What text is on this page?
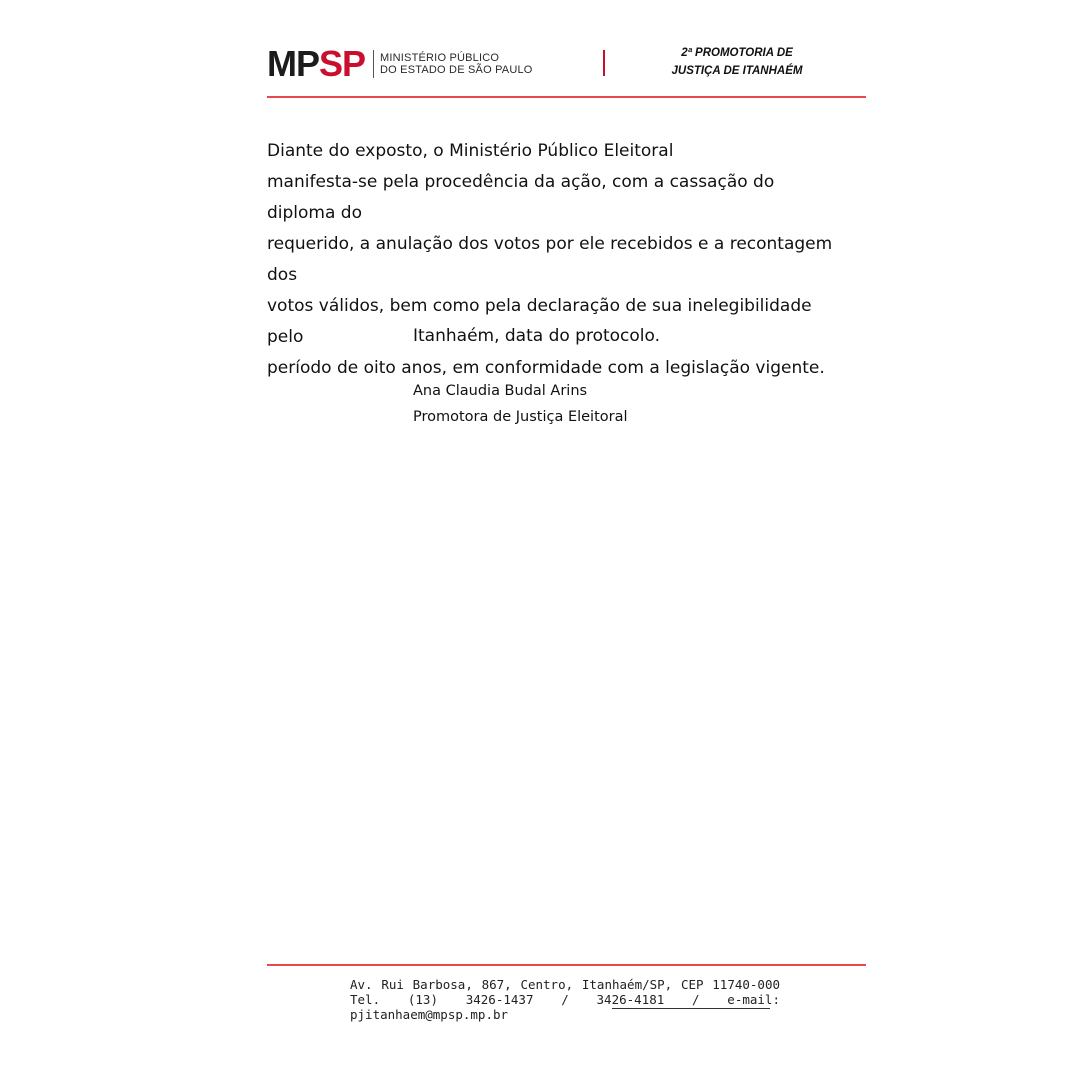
MPSP MINISTÉRIO PÚBLICO
DO ESTADO DE SÃO PAULO
2ª PROMOTORIA DE
JUSTIÇA DE ITANHAÉM

Diante do exposto, o Ministério Público Eleitoral

manifesta-se pela procedência da ação, com a cassação do diploma do

requerido, a anulação dos votos por ele recebidos e a recontagem dos

votos válidos, bem como pela declaração de sua inelegibilidade pelo

período de oito anos, em conformidade com a legislação vigente.

Itanhaém, data do protocolo.
Ana Claudia Budal Arins
Promotora de Justiça Eleitoral
Av. Rui Barbosa, 867, Centro, Itanhaém/SP, CEP 11740-000
Tel. (13) 3426-1437 / 3426-4181 / e-mail:
pjitanhaem@mpsp.mp.br
